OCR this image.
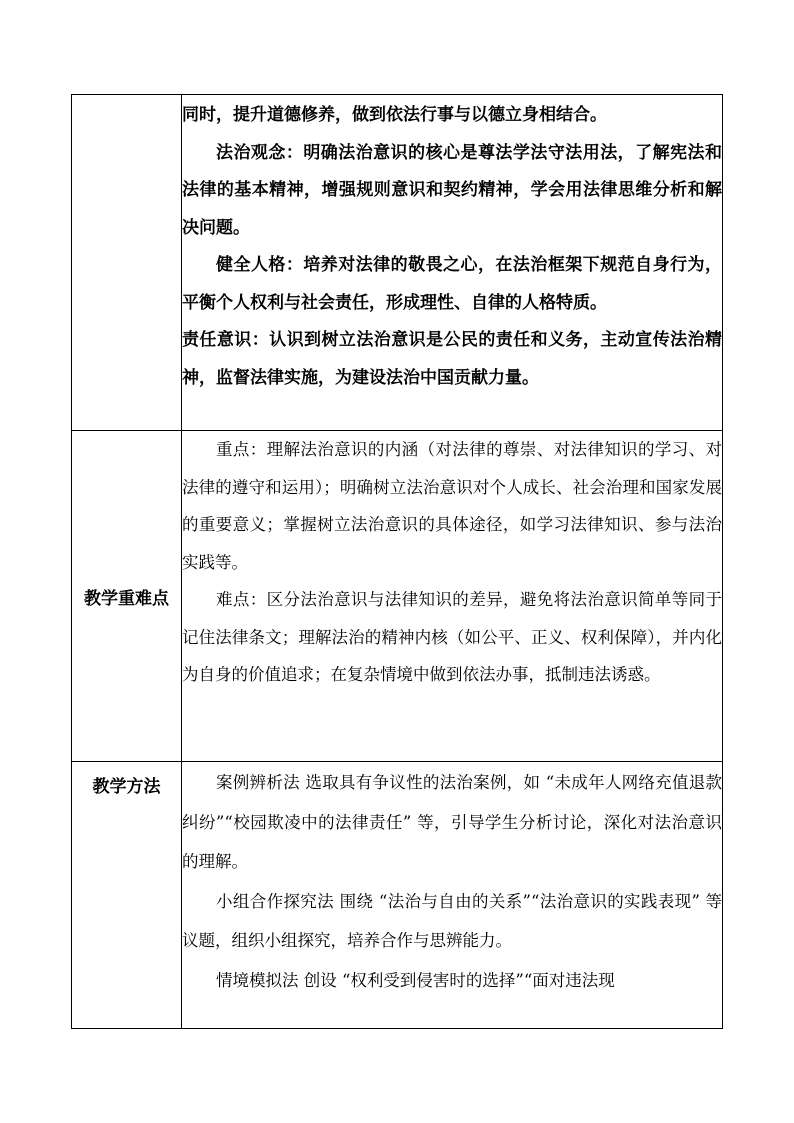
	同时，提升道德修养，做到依法行事与以德立身相结合。

法治观念：明确法治意识的核心是尊法学法守法用法，了解宪法和法律的基本精神，增强规则意识和契约精神，学会用法律思维分析和解决问题。

健全人格：培养对法律的敬畏之心，在法治框架下规范自身行为，平衡个人权利与社会责任，形成理性、自律的人格特质。

责任意识：认识到树立法治意识是公民的责任和义务，主动宣传法治精神，监督法律实施，为建设法治中国贡献力量。

教学重难点	重点：理解法治意识的内涵（对法律的尊崇、对法律知识的学习、对法律的遵守和运用）；明确树立法治意识对个人成长、社会治理和国家发展的重要意义；掌握树立法治意识的具体途径，如学习法律知识、参与法治实践等。

难点：区分法治意识与法律知识的差异，避免将法治意识简单等同于记住法律条文；理解法治的精神内核（如公平、正义、权利保障），并内化为自身的价值追求；在复杂情境中做到依法办事，抵制违法诱惑。

教学方法	案例辨析法 选取具有争议性的法治案例，如 “未成年人网络充值退款纠纷”“校园欺凌中的法律责任” 等，引导学生分析讨论，深化对法治意识的理解。

小组合作探究法 围绕 “法治与自由的关系”“法治意识的实践表现” 等议题，组织小组探究，培养合作与思辨能力。

情境模拟法 创设 “权利受到侵害时的选择”“面对违法现
